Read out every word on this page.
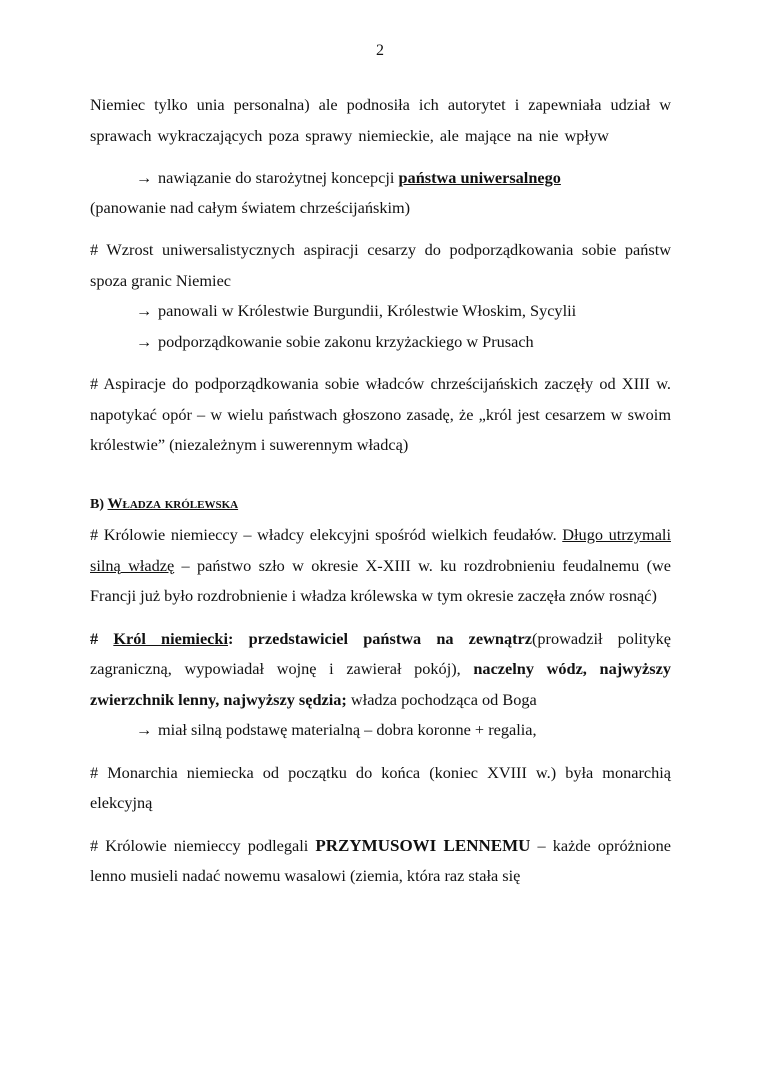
2

Niemiec tylko unia personalna) ale podnosiła ich autorytet i zapewniała udział w sprawach wykraczających poza sprawy niemieckie, ale mające na nie wpływ

→ nawiązanie do starożytnej koncepcji państwa uniwersalnego

(panowanie nad całym światem chrześcijańskim)

# Wzrost uniwersalistycznych aspiracji cesarzy do podporządkowania sobie państw spoza granic Niemiec

→ panowali w Królestwie Burgundii, Królestwie Włoskim, Sycylii

→ podporządkowanie sobie zakonu krzyżackiego w Prusach

# Aspiracje do podporządkowania sobie władców chrześcijańskich zaczęły od XIII w. napotykać opór – w wielu państwach głoszono zasadę, że „król jest cesarzem w swoim królestwie” (niezależnym i suwerennym władcą)

B) Władza królewska

# Królowie niemieccy – władcy elekcyjni spośród wielkich feudałów. Długo utrzymali silną władzę – państwo szło w okresie X-XIII w. ku rozdrobnieniu feudalnemu (we Francji już było rozdrobnienie i władza królewska w tym okresie zaczęła znów rosnąć)

# Król niemiecki: przedstawiciel państwa na zewnątrz(prowadził politykę zagraniczną, wypowiadał wojnę i zawierał pokój), naczelny wódz, najwyższy zwierzchnik lenny, najwyższy sędzia; władza pochodząca od Boga

→ miał silną podstawę materialną – dobra koronne + regalia,

# Monarchia niemiecka od początku do końca (koniec XVIII w.) była monarchią elekcyjną

# Królowie niemieccy podlegali PRZYMUSOWI LENNEMU – każde opróżnione lenno musieli nadać nowemu wasalowi (ziemia, która raz stała się
